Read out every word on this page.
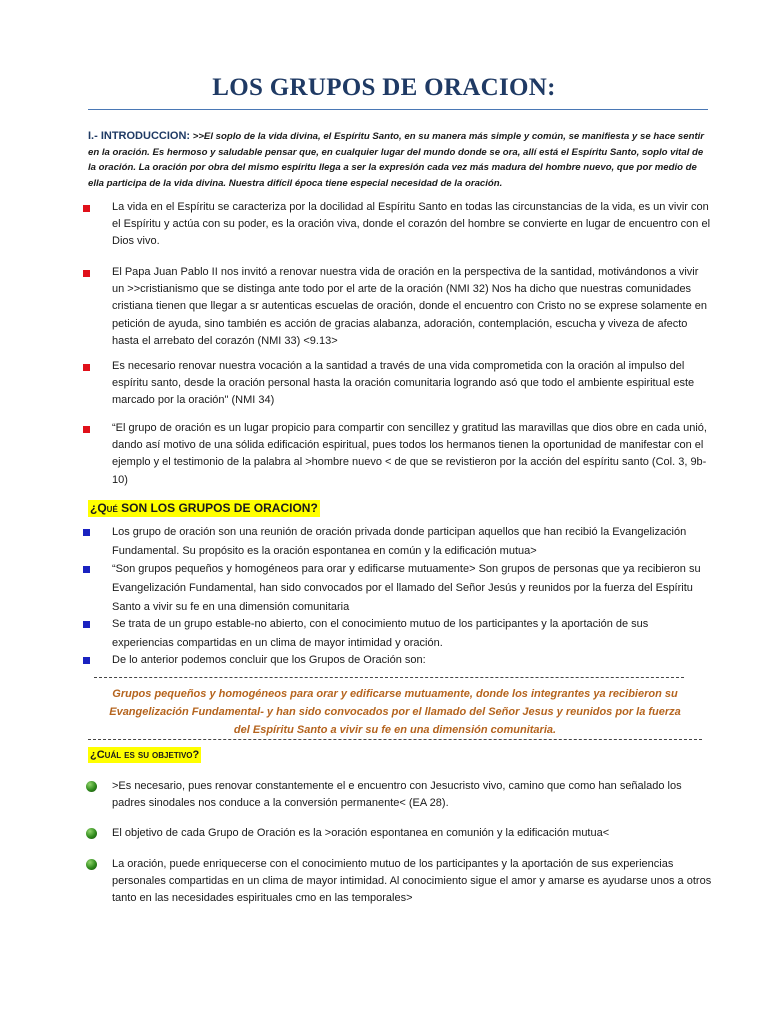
LOS GRUPOS DE ORACION:
I.- INTRODUCCION: >>El soplo de la vida divina, el Espíritu Santo, en su manera más simple y común, se manifiesta y se hace sentir en la oración. Es hermoso y saludable pensar que, en cualquier lugar del mundo donde se ora, allí está el Espíritu Santo, soplo vital de la oración. La oración por obra del mismo espíritu llega a ser la expresión cada vez más madura del hombre nuevo, que por medio de ella participa de la vida divina. Nuestra difícil época tiene especial necesidad de la oración.

La vida en el Espíritu se caracteriza por la docilidad al Espíritu Santo en todas las circunstancias de la vida, es un vivir con el Espíritu y actúa con su poder, es la oración viva, donde el corazón del hombre se convierte en lugar de encuentro con el Dios vivo.

El Papa Juan Pablo II nos invitó a renovar nuestra vida de oración en la perspectiva de la santidad, motivándonos a vivir un >>cristianismo que se distinga ante todo por el arte de la oración (NMI 32) Nos ha dicho que nuestras comunidades cristiana tienen que llegar a sr autenticas escuelas de oración, donde el encuentro con Cristo no se exprese solamente en petición de ayuda, sino también es acción de gracias alabanza, adoración, contemplación, escucha y viveza de afecto hasta el arrebato del corazón (NMI 33) <9.13>

Es necesario renovar nuestra vocación a la santidad a través de una vida comprometida con la oración al impulso del espíritu santo, desde la oración personal hasta la oración comunitaria logrando asó que todo el ambiente espiritual este marcado por la oración" (NMI 34)

“El grupo de oración es un lugar propicio para compartir con sencillez y gratitud las maravillas que dios obre en cada unió, dando así motivo de una sólida edificación espiritual, pues todos los hermanos tienen la oportunidad de manifestar con el ejemplo y el testimonio de la palabra al >hombre nuevo < de que se revistieron por la acción del espíritu santo (Col. 3, 9b-10)

¿Qué SON LOS GRUPOS DE ORACION?

Los grupo de oración son una reunión de oración privada donde participan aquellos que han recibió la Evangelización Fundamental. Su propósito es la oración espontanea en común y la edificación mutua>

“Son grupos pequeños y homogéneos para orar y edificarse mutuamente> Son grupos de personas que ya recibieron su Evangelización Fundamental, han sido convocados por el llamado del Señor Jesús y reunidos por la fuerza del Espíritu Santo a vivir su fe en una dimensión comunitaria

Se trata de un grupo estable-no abierto, con el conocimiento mutuo de los participantes y la aportación de sus experiencias compartidas en un clima de mayor intimidad y oración.

De lo anterior podemos concluir que los Grupos de Oración son:

Grupos pequeños y homogéneos para orar y edificarse mutuamente, donde los integrantes ya recibieron su Evangelización Fundamental- y han sido convocados por el llamado del Señor Jesus y reunidos por la fuerza del Espíritu Santo a vivir su fe en una dimensión comunitaria.
¿Cuál es su objetivo?

>Es necesario, pues renovar constantemente el e encuentro con Jesucristo vivo, camino que como han señalado los padres sinodales nos conduce a la conversión permanente< (EA 28).

El objetivo de cada Grupo de Oración es la >oración espontanea en comunión y la edificación mutua<

La oración, puede enriquecerse con el conocimiento mutuo de los participantes y la aportación de sus experiencias personales compartidas en un clima de mayor intimidad. Al conocimiento sigue el amor y amarse es ayudarse unos a otros tanto en las necesidades espirituales cmo en las temporales>
